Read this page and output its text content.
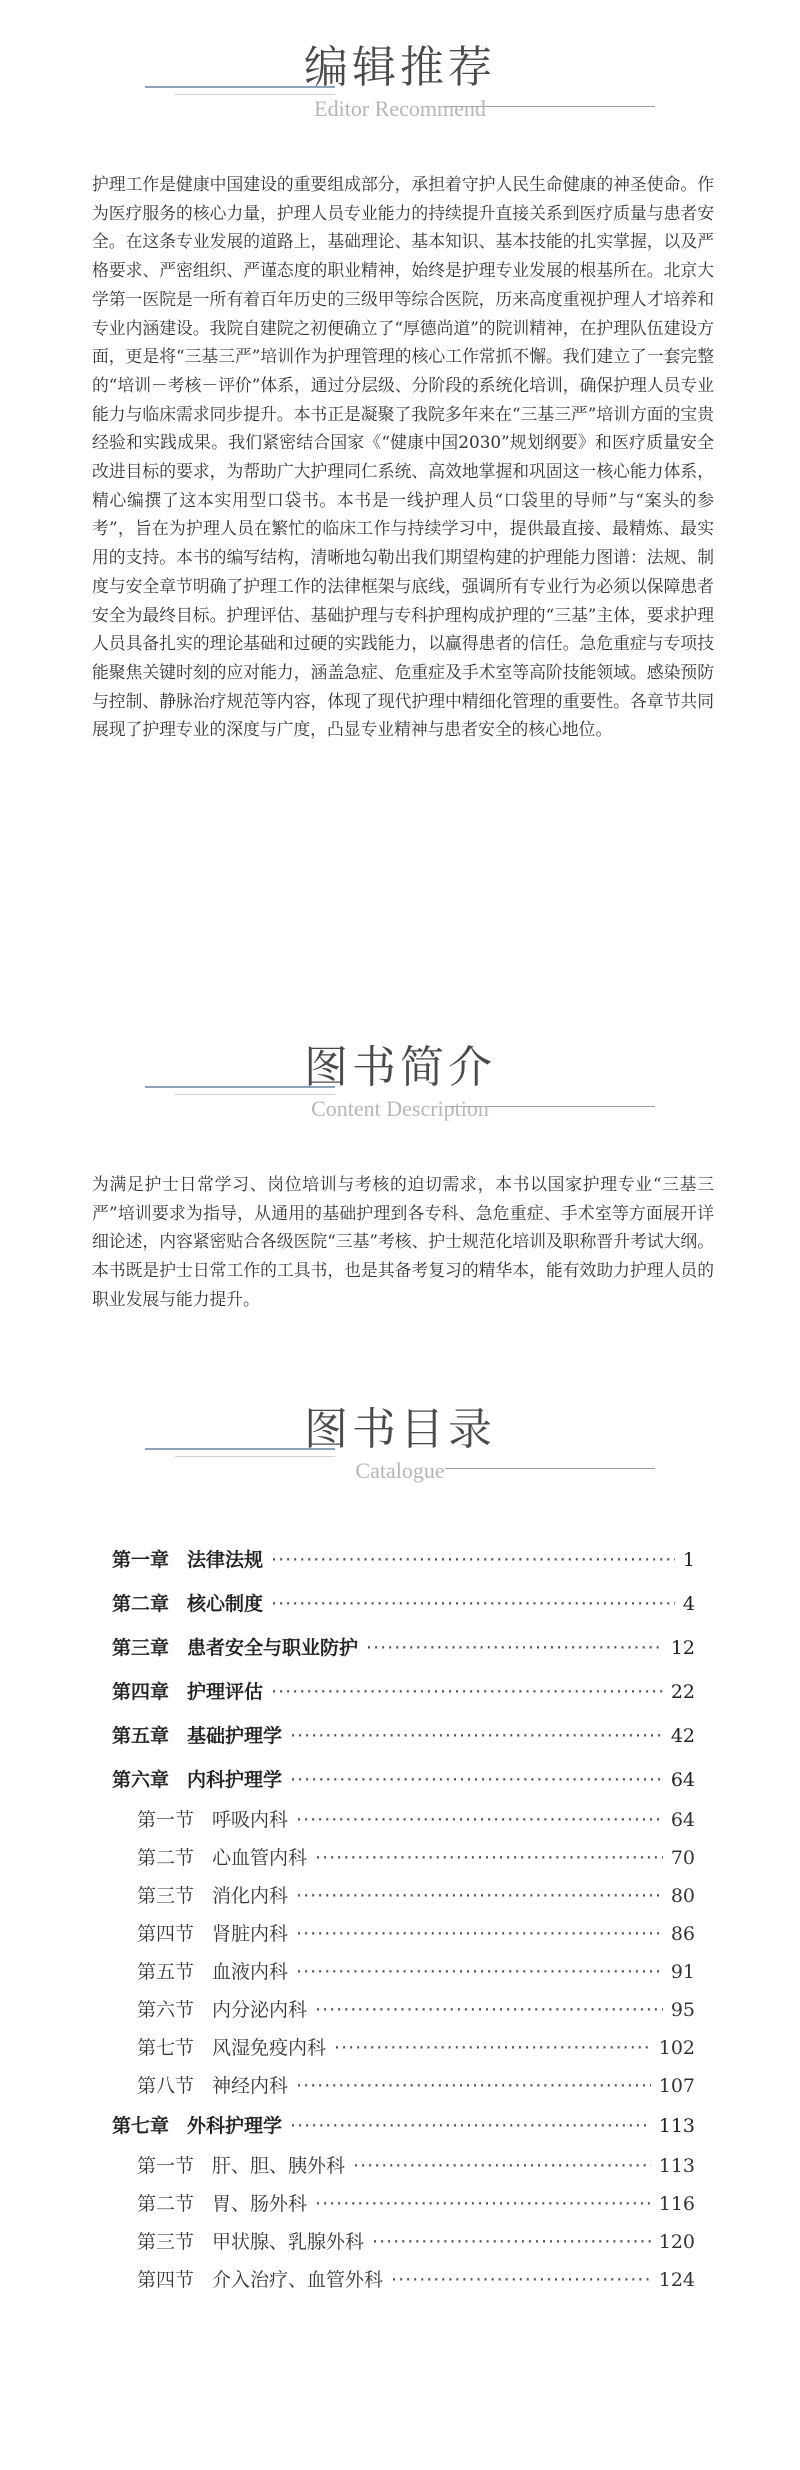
编辑推荐
Editor Recommend

护理工作是健康中国建设的重要组成部分，承担着守护人民生命健康的神圣使命。作为医疗服务的核心力量，护理人员专业能力的持续提升直接关系到医疗质量与患者安全。在这条专业发展的道路上，基础理论、基本知识、基本技能的扎实掌握，以及严格要求、严密组织、严谨态度的职业精神，始终是护理专业发展的根基所在。北京大学第一医院是一所有着百年历史的三级甲等综合医院，历来高度重视护理人才培养和专业内涵建设。我院自建院之初便确立了“厚德尚道”的院训精神，在护理队伍建设方面，更是将“三基三严”培训作为护理管理的核心工作常抓不懈。我们建立了一套完整的“培训－考核－评价”体系，通过分层级、分阶段的系统化培训，确保护理人员专业能力与临床需求同步提升。本书正是凝聚了我院多年来在“三基三严”培训方面的宝贵经验和实践成果。我们紧密结合国家《“健康中国2030”规划纲要》和医疗质量安全改进目标的要求，为帮助广大护理同仁系统、高效地掌握和巩固这一核心能力体系，精心编撰了这本实用型口袋书。本书是一线护理人员“口袋里的导师”与“案头的参考”，旨在为护理人员在繁忙的临床工作与持续学习中，提供最直接、最精炼、最实用的支持。本书的编写结构，清晰地勾勒出我们期望构建的护理能力图谱：法规、制度与安全章节明确了护理工作的法律框架与底线，强调所有专业行为必须以保障患者安全为最终目标。护理评估、基础护理与专科护理构成护理的“三基”主体，要求护理人员具备扎实的理论基础和过硬的实践能力，以赢得患者的信任。急危重症与专项技能聚焦关键时刻的应对能力，涵盖急症、危重症及手术室等高阶技能领域。感染预防与控制、静脉治疗规范等内容，体现了现代护理中精细化管理的重要性。各章节共同展现了护理专业的深度与广度，凸显专业精神与患者安全的核心地位。

图书简介
Content Description

为满足护士日常学习、岗位培训与考核的迫切需求，本书以国家护理专业“三基三严”培训要求为指导，从通用的基础护理到各专科、急危重症、手术室等方面展开详细论述，内容紧密贴合各级医院“三基”考核、护士规范化培训及职称晋升考试大纲。本书既是护士日常工作的工具书，也是其备考复习的精华本，能有效助力护理人员的职业发展与能力提升。

图书目录
Catalogue
第一章 法律法规 ·····	1
第二章 核心制度 ·····	4
第三章 患者安全与职业防护 ·····	12
第四章 护理评估 ·····	22
第五章 基础护理学 ·····	42
第六章 内科护理学 ·····	64
第一节 呼吸内科 ·····	64
第二节 心血管内科 ·····	70
第三节 消化内科 ·····	80
第四节 肾脏内科 ·····	86
第五节 血液内科 ·····	91
第六节 内分泌内科 ·····	95
第七节 风湿免疫内科 ·····	102
第八节 神经内科 ·····	107
第七章 外科护理学 ·····	113
第一节 肝、胆、胰外科 ·····	113
第二节 胃、肠外科 ·····	116
第三节 甲状腺、乳腺外科 ·····	120
第四节 介入治疗、血管外科 ·····	124
